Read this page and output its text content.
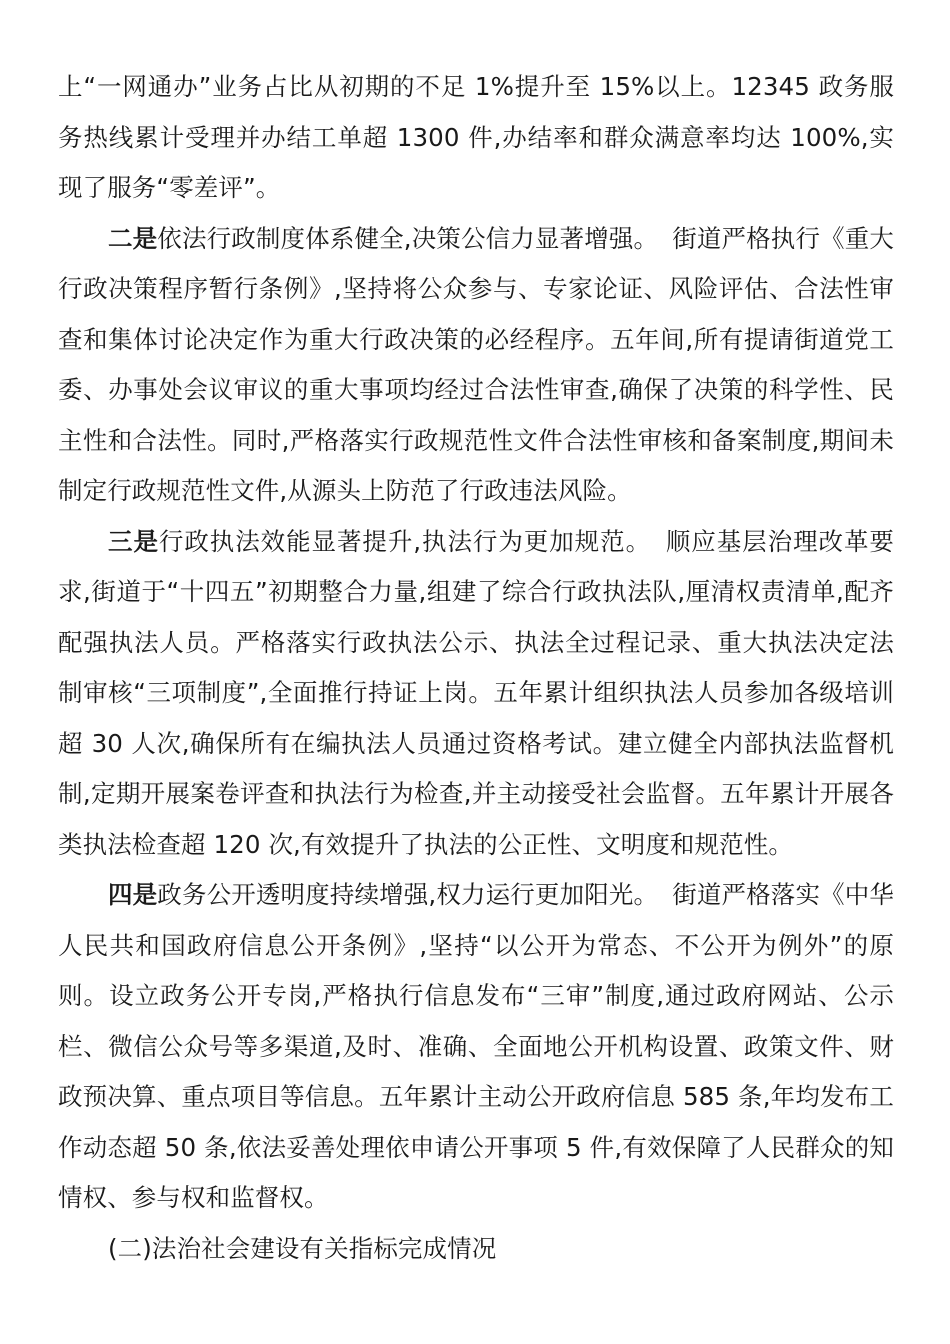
上“一网通办”业务占比从初期的不足 1%提升至 15%以上。12345 政务服务热线累计受理并办结工单超 1300 件,办结率和群众满意率均达 100%,实现了服务“零差评”。

二是依法行政制度体系健全,决策公信力显著增强。 街道严格执行《重大行政决策程序暂行条例》,坚持将公众参与、专家论证、风险评估、合法性审查和集体讨论决定作为重大行政决策的必经程序。五年间,所有提请街道党工委、办事处会议审议的重大事项均经过合法性审查,确保了决策的科学性、民主性和合法性。同时,严格落实行政规范性文件合法性审核和备案制度,期间未制定行政规范性文件,从源头上防范了行政违法风险。

三是行政执法效能显著提升,执法行为更加规范。 顺应基层治理改革要求,街道于“十四五”初期整合力量,组建了综合行政执法队,厘清权责清单,配齐配强执法人员。严格落实行政执法公示、执法全过程记录、重大执法决定法制审核“三项制度”,全面推行持证上岗。五年累计组织执法人员参加各级培训超 30 人次,确保所有在编执法人员通过资格考试。建立健全内部执法监督机制,定期开展案卷评查和执法行为检查,并主动接受社会监督。五年累计开展各类执法检查超 120 次,有效提升了执法的公正性、文明度和规范性。

四是政务公开透明度持续增强,权力运行更加阳光。 街道严格落实《中华人民共和国政府信息公开条例》,坚持“以公开为常态、不公开为例外”的原则。设立政务公开专岗,严格执行信息发布“三审”制度,通过政府网站、公示栏、微信公众号等多渠道,及时、准确、全面地公开机构设置、政策文件、财政预决算、重点项目等信息。五年累计主动公开政府信息 585 条,年均发布工作动态超 50 条,依法妥善处理依申请公开事项 5 件,有效保障了人民群众的知情权、参与权和监督权。

(二)法治社会建设有关指标完成情况
